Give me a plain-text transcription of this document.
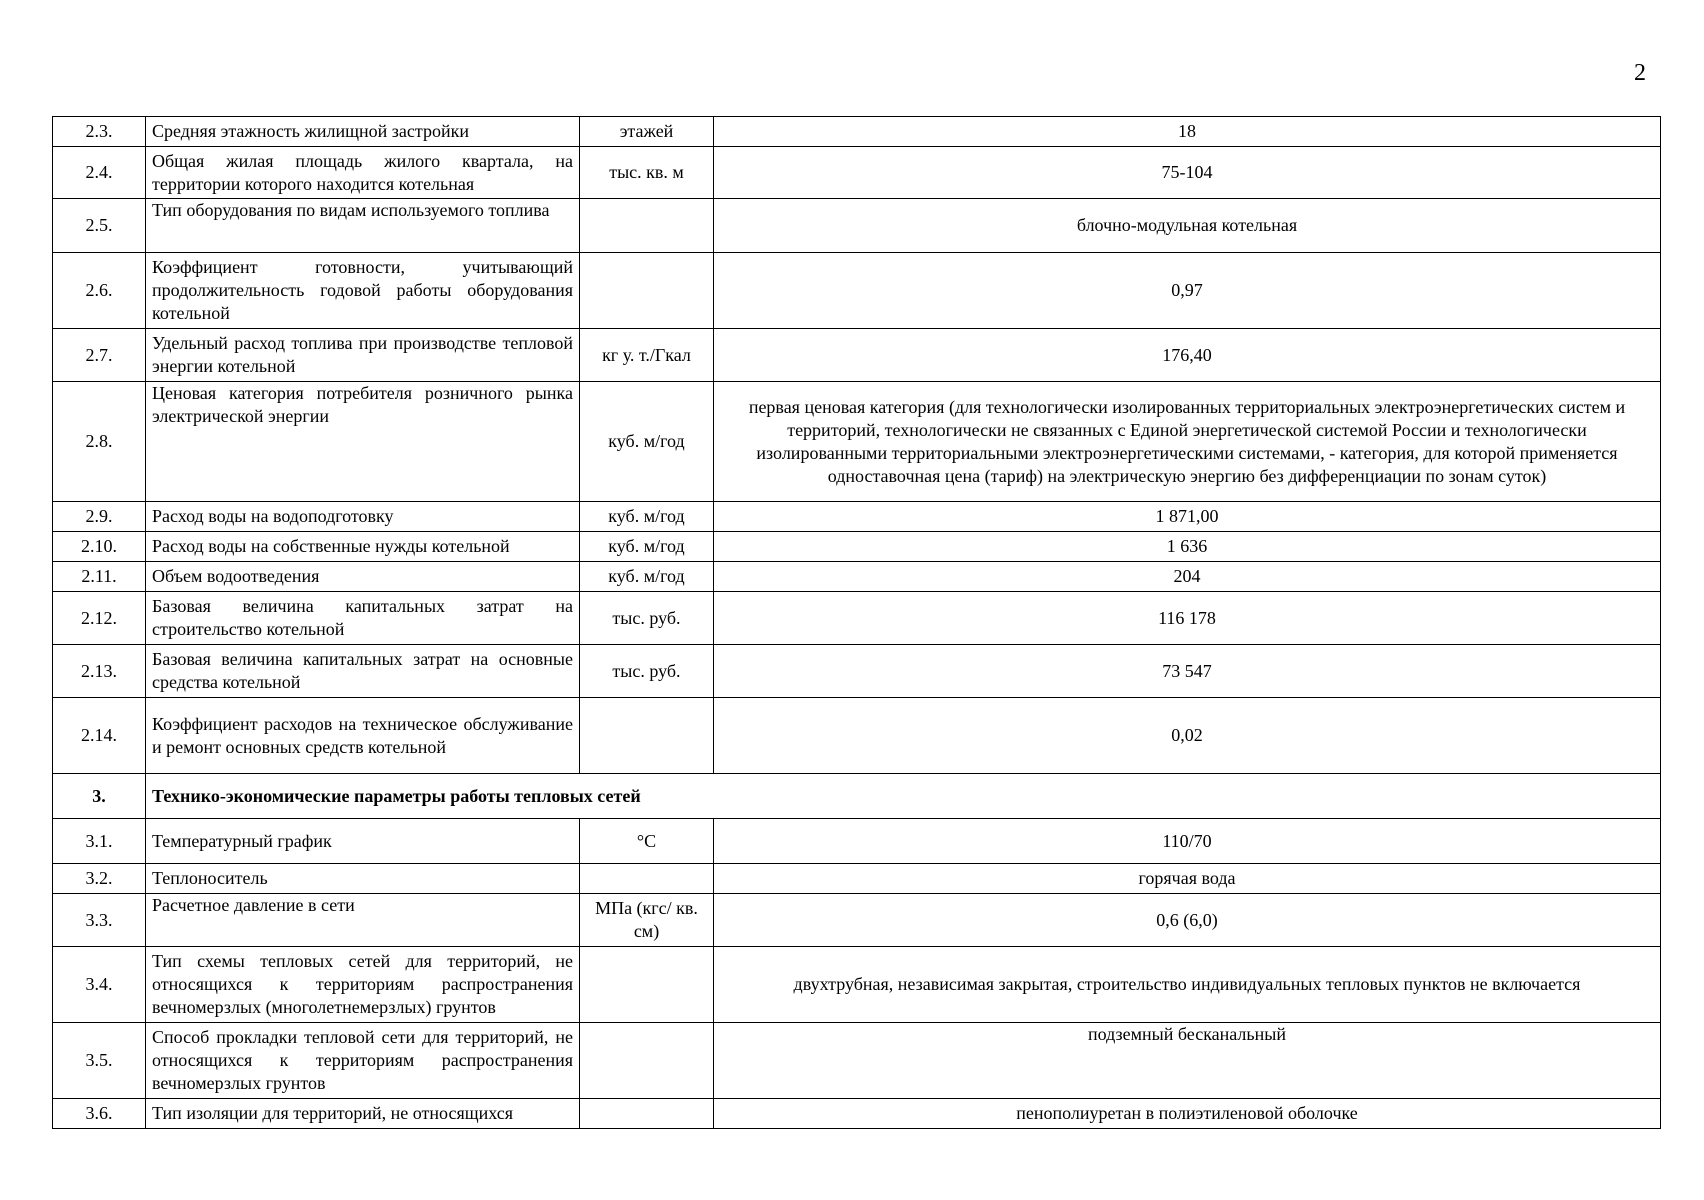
2
2.3.	Средняя этажность жилищной застройки	этажей	18
2.4.	Общая жилая площадь жилого квартала, на территории которого находится котельная	тыс. кв. м	75-104
2.5.	Тип оборудования по видам используемого топлива		блочно-модульная котельная
2.6.	Коэффициент готовности, учитывающий продолжительность годовой работы оборудования котельной		0,97
2.7.	Удельный расход топлива при производстве тепловой энергии котельной	кг у. т./Гкал	176,40
2.8.	Ценовая категория потребителя розничного рынка электрической энергии	куб. м/год	первая ценовая категория (для технологически изолированных территориальных электроэнергетических систем и территорий, технологически не связанных с Единой энергетической системой России и технологически изолированными территориальными электроэнергетическими системами, - категория, для которой применяется одноставочная цена (тариф) на электрическую энергию без дифференциации по зонам суток)
2.9.	Расход воды на водоподготовку	куб. м/год	1 871,00
2.10.	Расход воды на собственные нужды котельной	куб. м/год	1 636
2.11.	Объем водоотведения	куб. м/год	204
2.12.	Базовая величина капитальных затрат на строительство котельной	тыс. руб.	116 178
2.13.	Базовая величина капитальных затрат на основные средства котельной	тыс. руб.	73 547
2.14.	Коэффициент расходов на техническое обслуживание и ремонт основных средств котельной		0,02
3.	Технико-экономические параметры работы тепловых сетей		
3.1.	Температурный график	°С	110/70
3.2.	Теплоноситель		горячая вода
3.3.	Расчетное давление в сети	МПа (кгс/ кв. см)	0,6 (6,0)
3.4.	Тип схемы тепловых сетей для территорий, не относящихся к территориям распространения вечномерзлых (многолетнемерзлых) грунтов		двухтрубная, независимая закрытая, строительство индивидуальных тепловых пунктов не включается
3.5.	Способ прокладки тепловой сети для территорий, не относящихся к территориям распространения вечномерзлых грунтов		подземный бесканальный
3.6.	Тип изоляции для территорий, не относящихся		пенополиуретан в полиэтиленовой оболочке
